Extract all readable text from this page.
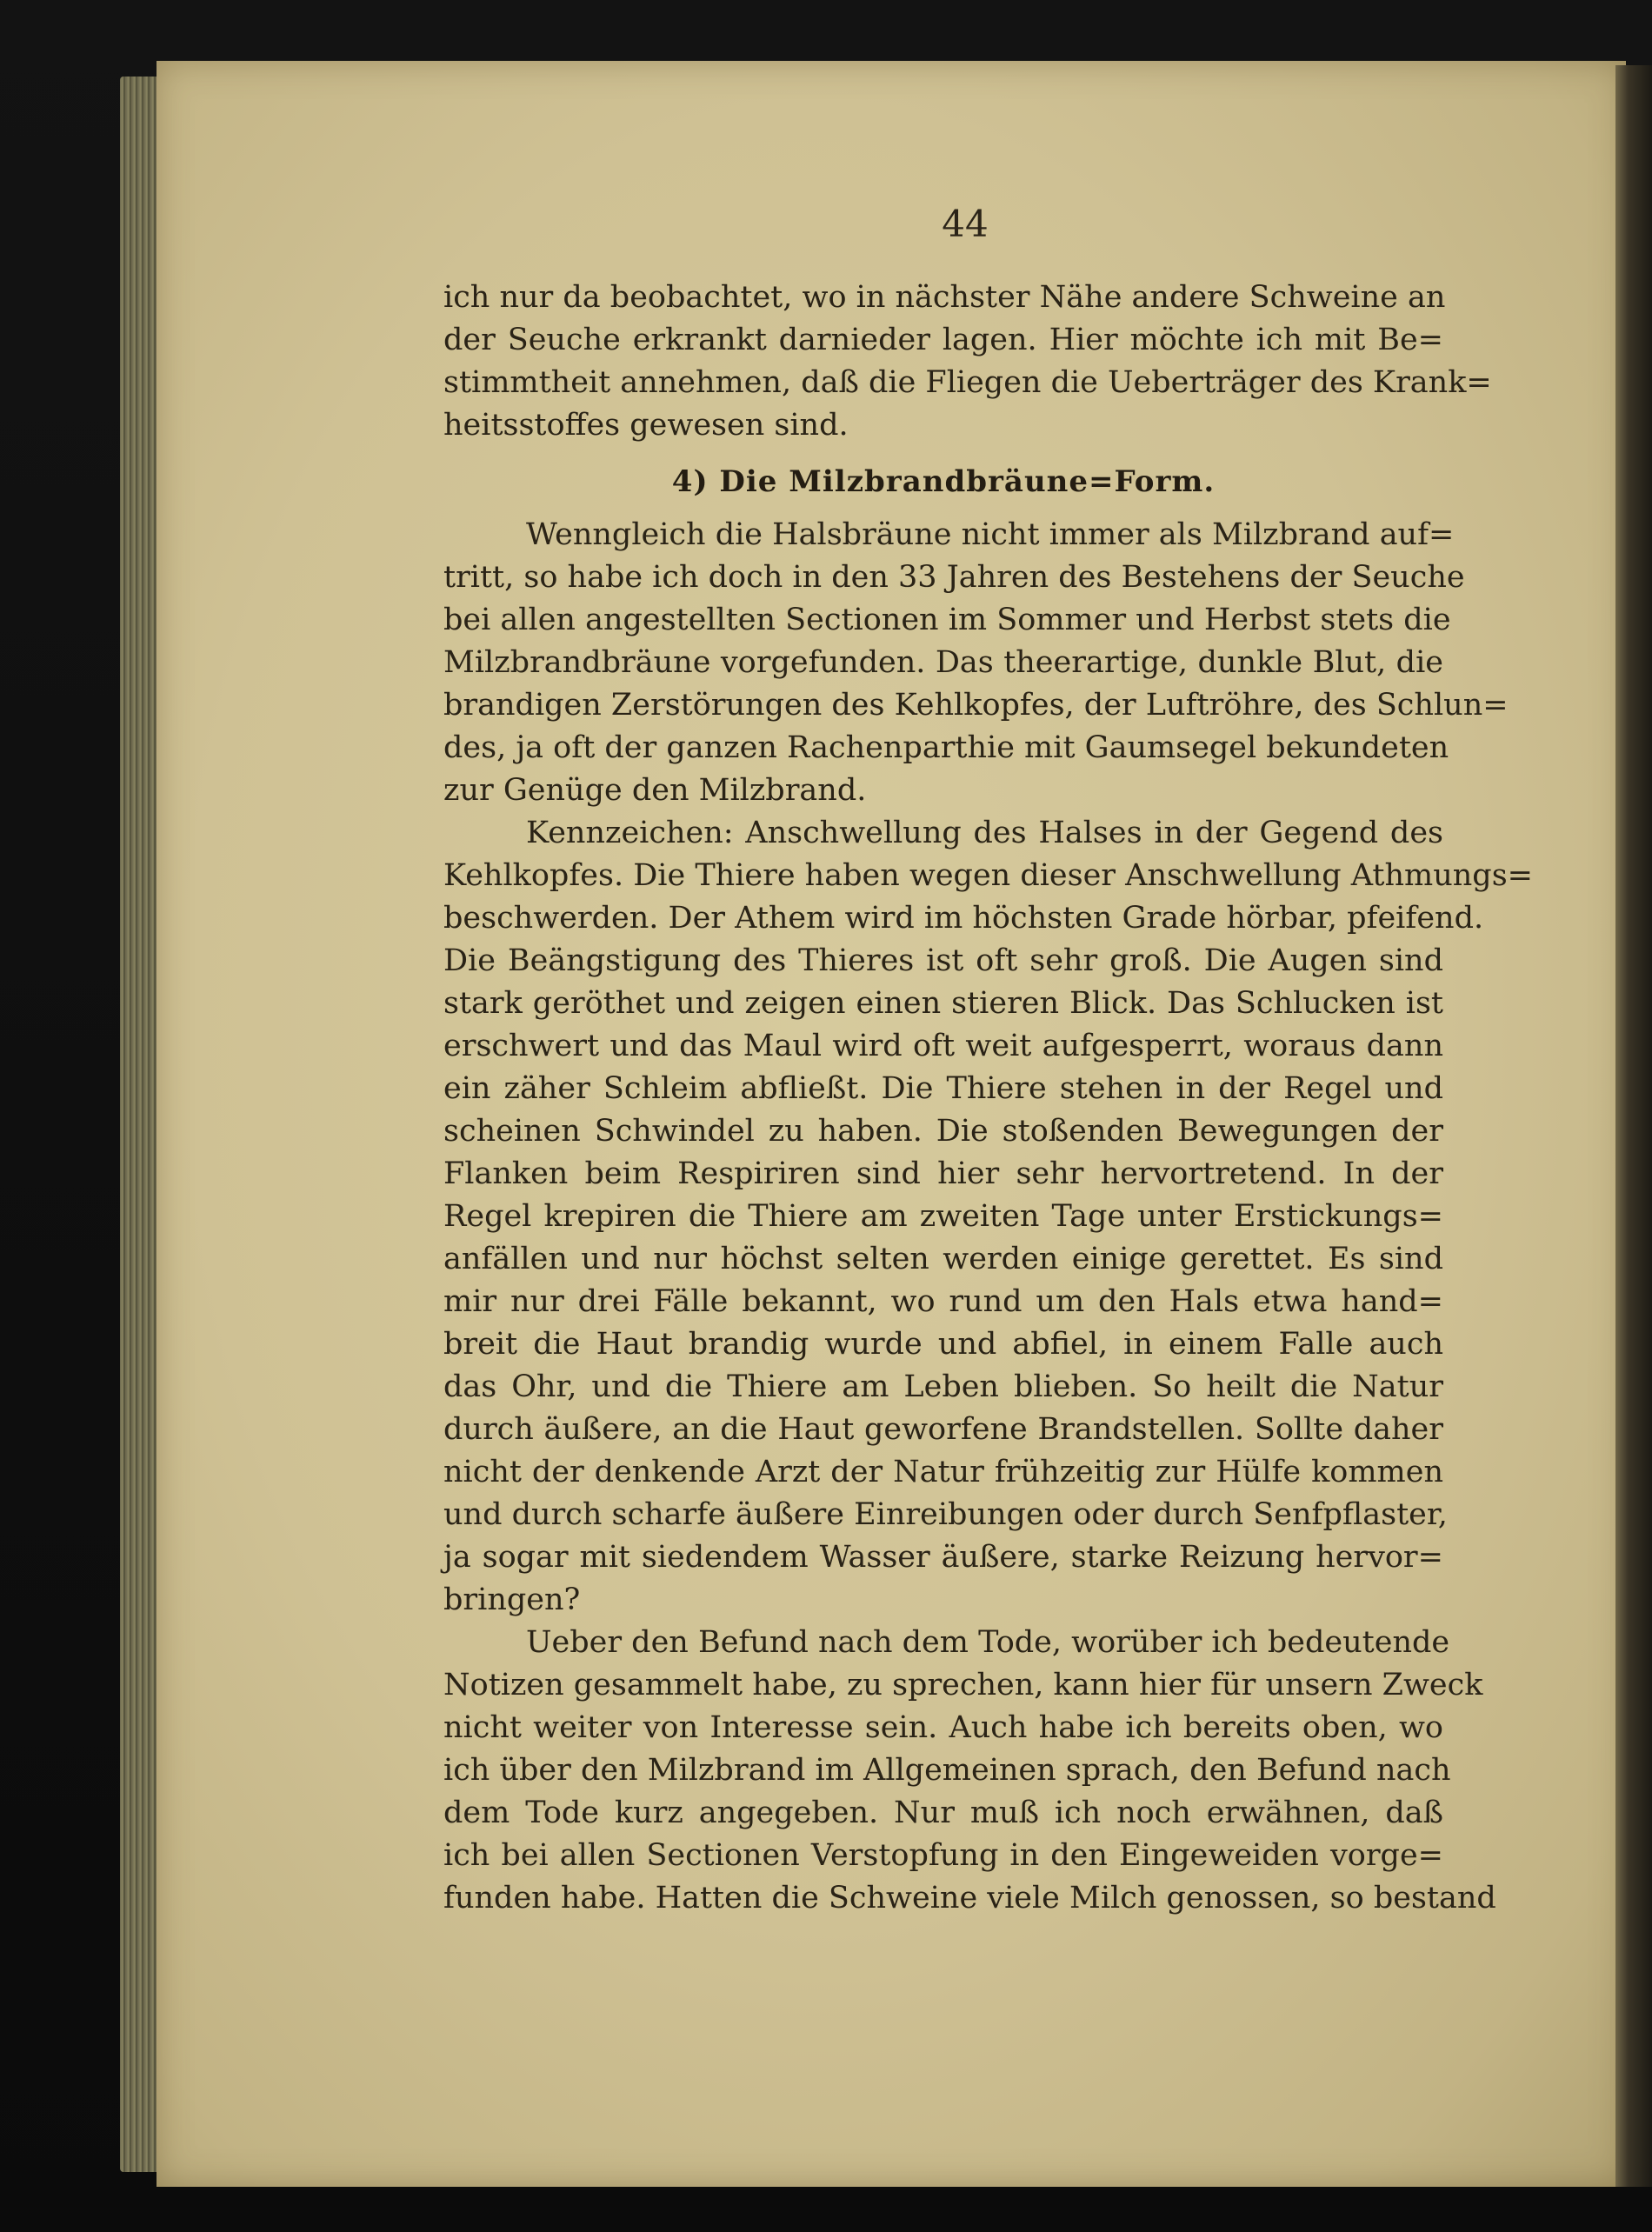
44
ich nur da beobachtet, wo in nächster Nähe andere Schweine an
der Seuche erkrankt darnieder lagen. Hier möchte ich mit Be=
stimmtheit annehmen, daß die Fliegen die Ueberträger des Krank=
heitsstoffes gewesen sind.
4) Die Milzbrandbräune=Form.
Wenngleich die Halsbräune nicht immer als Milzbrand auf=
tritt, so habe ich doch in den 33 Jahren des Bestehens der Seuche
bei allen angestellten Sectionen im Sommer und Herbst stets die
Milzbrandbräune vorgefunden. Das theerartige, dunkle Blut, die
brandigen Zerstörungen des Kehlkopfes, der Luftröhre, des Schlun=
des, ja oft der ganzen Rachenparthie mit Gaumsegel bekundeten
zur Genüge den Milzbrand.
Kennzeichen: Anschwellung des Halses in der Gegend des
Kehlkopfes. Die Thiere haben wegen dieser Anschwellung Athmungs=
beschwerden. Der Athem wird im höchsten Grade hörbar, pfeifend.
Die Beängstigung des Thieres ist oft sehr groß. Die Augen sind
stark geröthet und zeigen einen stieren Blick. Das Schlucken ist
erschwert und das Maul wird oft weit aufgesperrt, woraus dann
ein zäher Schleim abfließt. Die Thiere stehen in der Regel und
scheinen Schwindel zu haben. Die stoßenden Bewegungen der
Flanken beim Respiriren sind hier sehr hervortretend. In der
Regel krepiren die Thiere am zweiten Tage unter Erstickungs=
anfällen und nur höchst selten werden einige gerettet. Es sind
mir nur drei Fälle bekannt, wo rund um den Hals etwa hand=
breit die Haut brandig wurde und abfiel, in einem Falle auch
das Ohr, und die Thiere am Leben blieben. So heilt die Natur
durch äußere, an die Haut geworfene Brandstellen. Sollte daher
nicht der denkende Arzt der Natur frühzeitig zur Hülfe kommen
und durch scharfe äußere Einreibungen oder durch Senfpflaster,
ja sogar mit siedendem Wasser äußere, starke Reizung hervor=
bringen?
Ueber den Befund nach dem Tode, worüber ich bedeutende
Notizen gesammelt habe, zu sprechen, kann hier für unsern Zweck
nicht weiter von Interesse sein. Auch habe ich bereits oben, wo
ich über den Milzbrand im Allgemeinen sprach, den Befund nach
dem Tode kurz angegeben. Nur muß ich noch erwähnen, daß
ich bei allen Sectionen Verstopfung in den Eingeweiden vorge=
funden habe. Hatten die Schweine viele Milch genossen, so bestand
